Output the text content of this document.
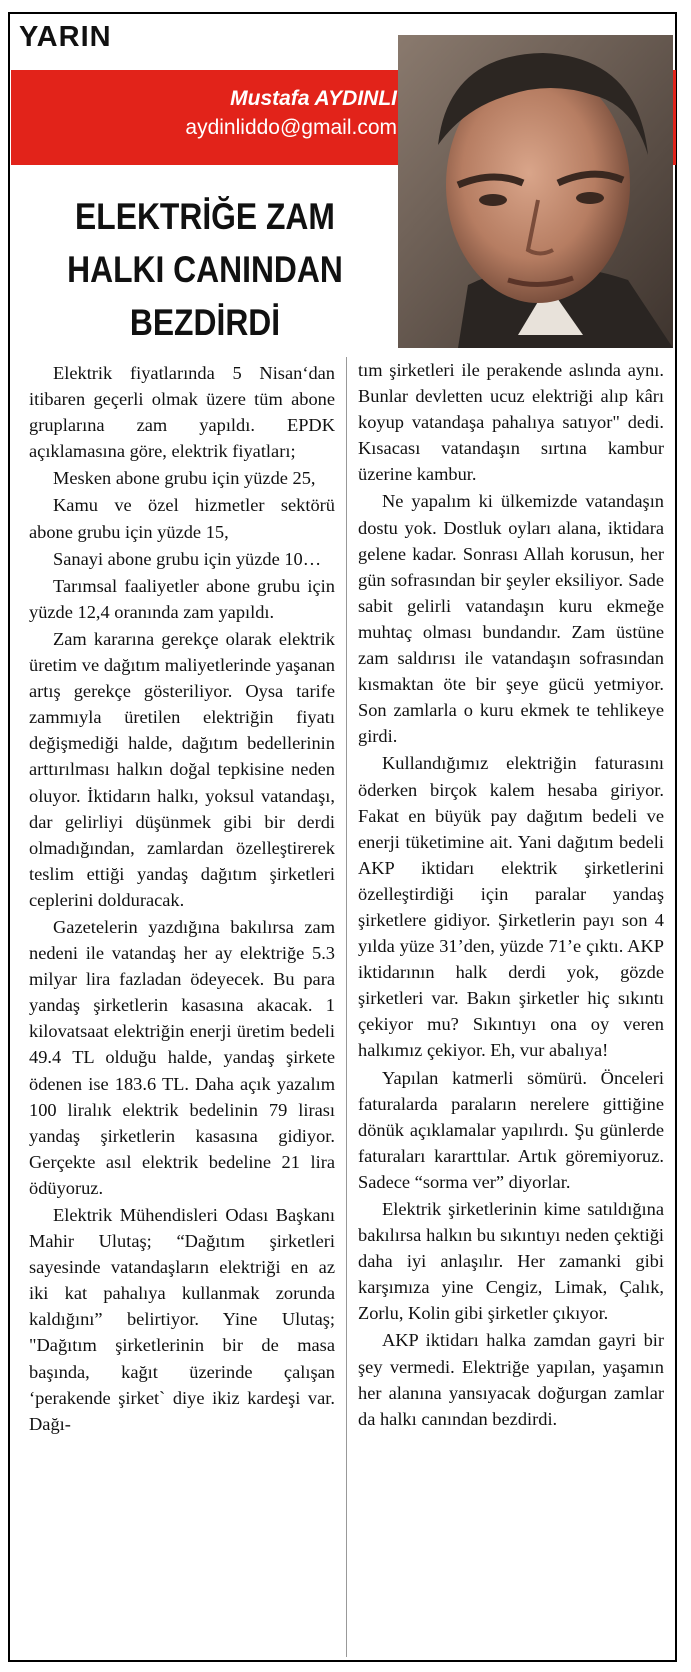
YARIN
Mustafa AYDINLI
aydinliddo@gmail.com
ELEKTRİĞE ZAM
HALKI CANINDAN
BEZDİRDİ

Elektrik fiyatlarında 5 Nisan‘dan itibaren geçerli olmak üzere tüm abone gruplarına zam yapıldı. EPDK açıklamasına göre, elektrik fiyatları;

Mesken abone grubu için yüzde 25,

Kamu ve özel hizmetler sektörü abone grubu için yüzde 15,

Sanayi abone grubu için yüzde 10…

Tarımsal faaliyetler abone grubu için yüzde 12,4 oranında zam yapıldı.

Zam kararına gerekçe olarak elektrik üretim ve dağıtım maliyetlerinde yaşanan artış gerekçe gösteriliyor. Oysa tarife zammıyla üretilen elektriğin fiyatı değişmediği halde, dağıtım bedellerinin arttırılması halkın doğal tepkisine neden oluyor. İktidarın halkı, yoksul vatandaşı, dar gelirliyi düşünmek gibi bir derdi olmadığından, zamlardan özelleştirerek teslim ettiği yandaş dağıtım şirketleri ceplerini dolduracak.

Gazetelerin yazdığına bakılırsa zam nedeni ile vatandaş her ay elektriğe 5.3 milyar lira fazladan ödeyecek. Bu para yandaş şirketlerin kasasına akacak. 1 kilovatsaat elektriğin enerji üretim bedeli 49.4 TL olduğu halde, yandaş şirkete ödenen ise 183.6 TL. Daha açık yazalım 100 liralık elektrik bedelinin 79 lirası yandaş şirketlerin kasasına gidiyor. Gerçekte asıl elektrik bedeline 21 lira ödüyoruz.

Elektrik Mühendisleri Odası Başkanı Mahir Ulutaş; “Dağıtım şirketleri sayesinde vatandaşların elektriği en az iki kat pahalıya kullanmak zorunda kaldığını” belirtiyor. Yine Ulutaş; "Dağıtım şirketlerinin bir de masa başında, kağıt üzerinde çalışan ‘perakende şirket` diye ikiz kardeşi var. Dağı-

tım şirketleri ile perakende aslında aynı. Bunlar devletten ucuz elektriği alıp kârı koyup vatandaşa pahalıya satıyor" dedi. Kısacası vatandaşın sırtına kambur üzerine kambur.

Ne yapalım ki ülkemizde vatandaşın dostu yok. Dostluk oyları alana, iktidara gelene kadar. Sonrası Allah korusun, her gün sofrasından bir şeyler eksiliyor. Sade sabit gelirli vatandaşın kuru ekmeğe muhtaç olması bundandır. Zam üstüne zam saldırısı ile vatandaşın sofrasından kısmaktan öte bir şeye gücü yetmiyor. Son zamlarla o kuru ekmek te tehlikeye girdi.

Kullandığımız elektriğin faturasını öderken birçok kalem hesaba giriyor. Fakat en büyük pay dağıtım bedeli ve enerji tüketimine ait. Yani dağıtım bedeli AKP iktidarı elektrik şirketlerini özelleştirdiği için paralar yandaş şirketlere gidiyor. Şirketlerin payı son 4 yılda yüze 31’den, yüzde 71’e çıktı. AKP iktidarının halk derdi yok, gözde şirketleri var. Bakın şirketler hiç sıkıntı çekiyor mu? Sıkıntıyı ona oy veren halkımız çekiyor. Eh, vur abalıya!

Yapılan katmerli sömürü. Önceleri faturalarda paraların nerelere gittiğine dönük açıklamalar yapılırdı. Şu günlerde faturaları kararttılar. Artık göremiyoruz. Sadece “sorma ver” diyorlar.

Elektrik şirketlerinin kime satıldığına bakılırsa halkın bu sıkıntıyı neden çektiği daha iyi anlaşılır. Her zamanki gibi karşımıza yine Cengiz, Limak, Çalık, Zorlu, Kolin gibi şirketler çıkıyor.

AKP iktidarı halka zamdan gayri bir şey vermedi. Elektriğe yapılan, yaşamın her alanına yansıyacak doğurgan zamlar da halkı canından bezdirdi.
